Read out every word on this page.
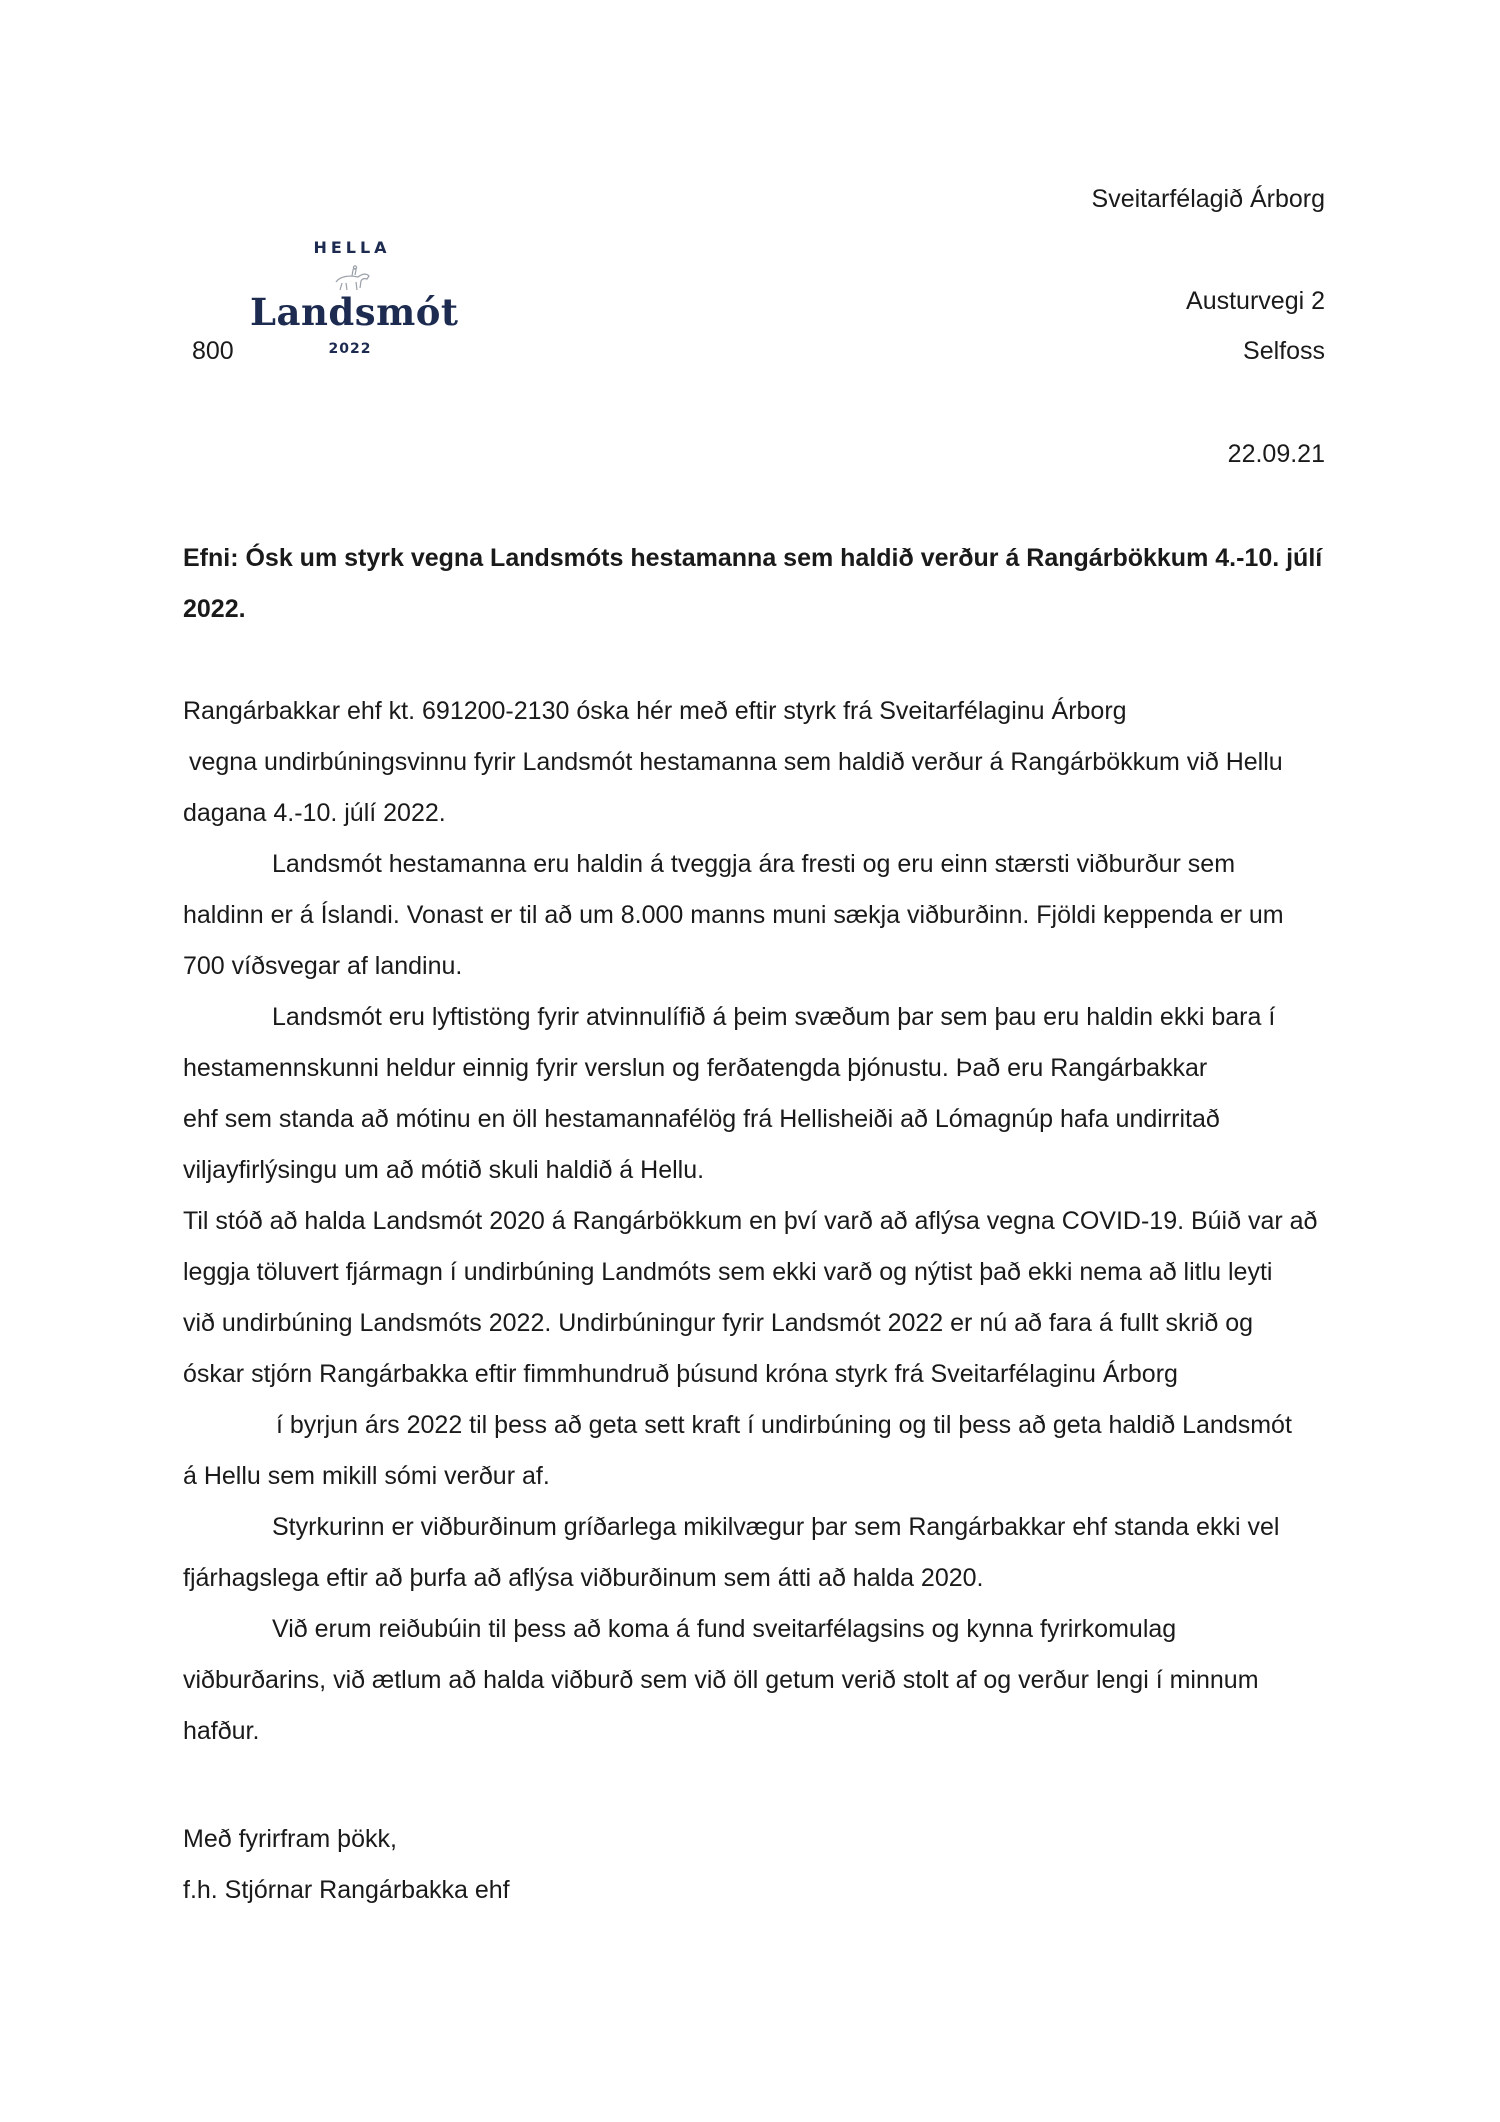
Sveitarfélagið Árborg
Austurvegi 2
Selfoss
800
HELLA
Landsmót
2022
22.09.21
Efni: Ósk um styrk vegna Landsmóts hestamanna sem haldið verður á Rangárbökkum 4.-10. júlí
2022.
Rangárbakkar ehf kt. 691200-2130 óska hér með eftir styrk frá Sveitarfélaginu Árborg
vegna undirbúningsvinnu fyrir Landsmót hestamanna sem haldið verður á Rangárbökkum við Hellu
dagana 4.-10. júlí 2022.
Landsmót hestamanna eru haldin á tveggja ára fresti og eru einn stærsti viðburður sem
haldinn er á Íslandi. Vonast er til að um 8.000 manns muni sækja viðburðinn. Fjöldi keppenda er um
700 víðsvegar af landinu.
Landsmót eru lyftistöng fyrir atvinnulífið á þeim svæðum þar sem þau eru haldin ekki bara í
hestamennskunni heldur einnig fyrir verslun og ferðatengda þjónustu. Það eru Rangárbakkar
ehf sem standa að mótinu en öll hestamannafélög frá Hellisheiði að Lómagnúp hafa undirritað
viljayfirlýsingu um að mótið skuli haldið á Hellu.
Til stóð að halda Landsmót 2020 á Rangárbökkum en því varð að aflýsa vegna COVID-19. Búið var að
leggja töluvert fjármagn í undirbúning Landmóts sem ekki varð og nýtist það ekki nema að litlu leyti
við undirbúning Landsmóts 2022. Undirbúningur fyrir Landsmót 2022 er nú að fara á fullt skrið og
óskar stjórn Rangárbakka eftir fimmhundruð þúsund króna styrk frá Sveitarfélaginu Árborg
í byrjun árs 2022 til þess að geta sett kraft í undirbúning og til þess að geta haldið Landsmót
á Hellu sem mikill sómi verður af.
Styrkurinn er viðburðinum gríðarlega mikilvægur þar sem Rangárbakkar ehf standa ekki vel
fjárhagslega eftir að þurfa að aflýsa viðburðinum sem átti að halda 2020.
Við erum reiðubúin til þess að koma á fund sveitarfélagsins og kynna fyrirkomulag
viðburðarins, við ætlum að halda viðburð sem við öll getum verið stolt af og verður lengi í minnum
hafður.
Með fyrirfram þökk,
f.h. Stjórnar Rangárbakka ehf
